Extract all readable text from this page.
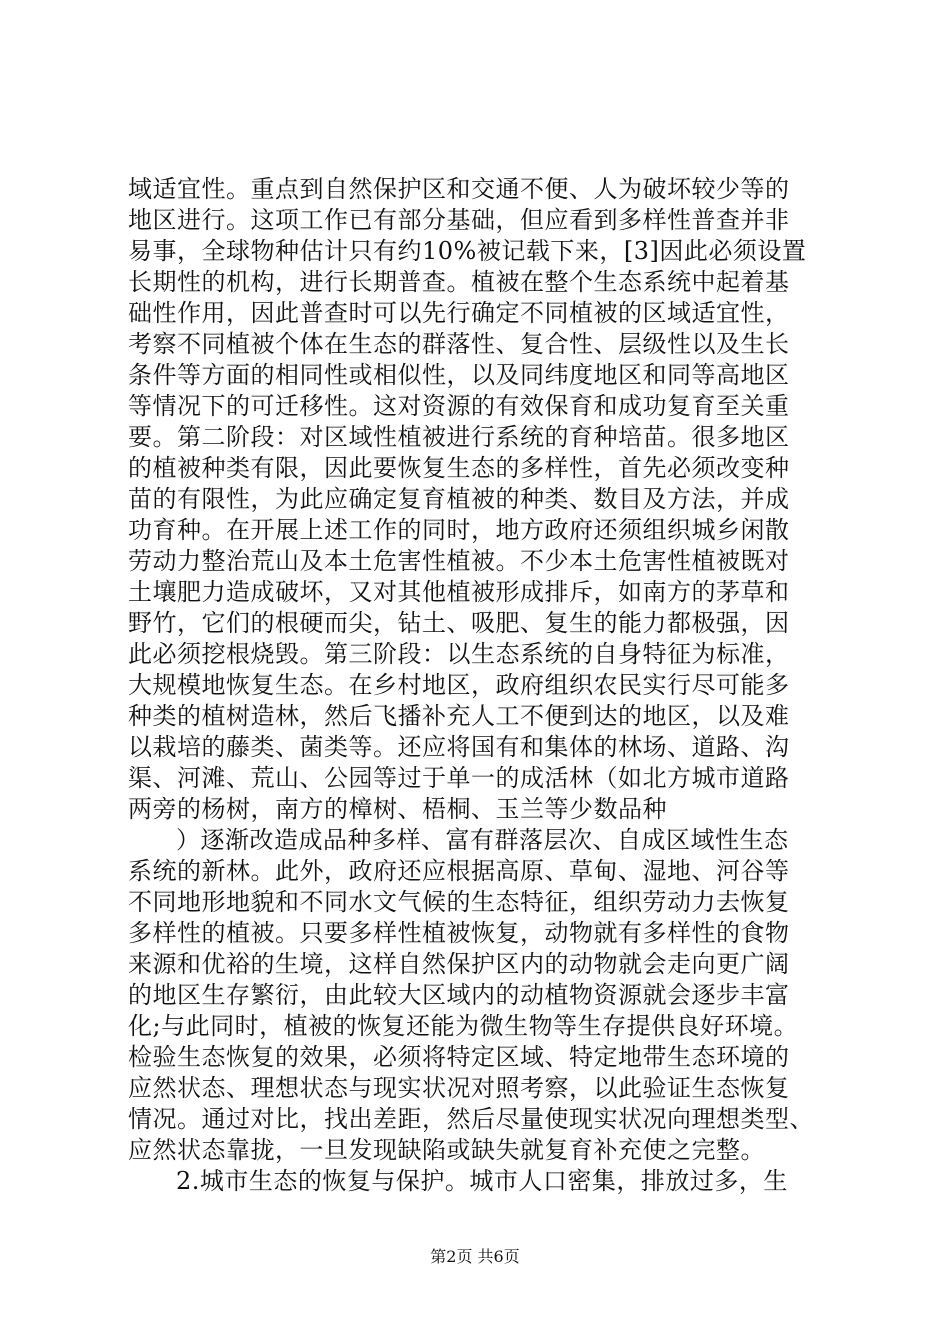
域适宜性。重点到自然保护区和交通不便、人为破坏较少等的
地区进行。这项工作已有部分基础，但应看到多样性普查并非
易事，全球物种估计只有约10%被记载下来，[3]因此必须设置
长期性的机构，进行长期普查。植被在整个生态系统中起着基
础性作用，因此普查时可以先行确定不同植被的区域适宜性，
考察不同植被个体在生态的群落性、复合性、层级性以及生长
条件等方面的相同性或相似性，以及同纬度地区和同等高地区
等情况下的可迁移性。这对资源的有效保育和成功复育至关重
要。第二阶段：对区域性植被进行系统的育种培苗。很多地区
的植被种类有限，因此要恢复生态的多样性，首先必须改变种
苗的有限性，为此应确定复育植被的种类、数目及方法，并成
功育种。在开展上述工作的同时，地方政府还须组织城乡闲散
劳动力整治荒山及本土危害性植被。不少本土危害性植被既对
土壤肥力造成破坏，又对其他植被形成排斥，如南方的茅草和
野竹，它们的根硬而尖，钻土、吸肥、复生的能力都极强，因
此必须挖根烧毁。第三阶段：以生态系统的自身特征为标准，
大规模地恢复生态。在乡村地区，政府组织农民实行尽可能多
种类的植树造林，然后飞播补充人工不便到达的地区，以及难
以栽培的藤类、菌类等。还应将国有和集体的林场、道路、沟
渠、河滩、荒山、公园等过于单一的成活林（如北方城市道路
两旁的杨树，南方的樟树、梧桐、玉兰等少数品种
）逐渐改造成品种多样、富有群落层次、自成区域性生态
系统的新林。此外，政府还应根据高原、草甸、湿地、河谷等
不同地形地貌和不同水文气候的生态特征，组织劳动力去恢复
多样性的植被。只要多样性植被恢复，动物就有多样性的食物
来源和优裕的生境，这样自然保护区内的动物就会走向更广阔
的地区生存繁衍，由此较大区域内的动植物资源就会逐步丰富
化;与此同时，植被的恢复还能为微生物等生存提供良好环境。
检验生态恢复的效果，必须将特定区域、特定地带生态环境的
应然状态、理想状态与现实状况对照考察，以此验证生态恢复
情况。通过对比，找出差距，然后尽量使现实状况向理想类型、
应然状态靠拢，一旦发现缺陷或缺失就复育补充使之完整。
2.城市生态的恢复与保护。城市人口密集，排放过多，生
第2页 共6页
